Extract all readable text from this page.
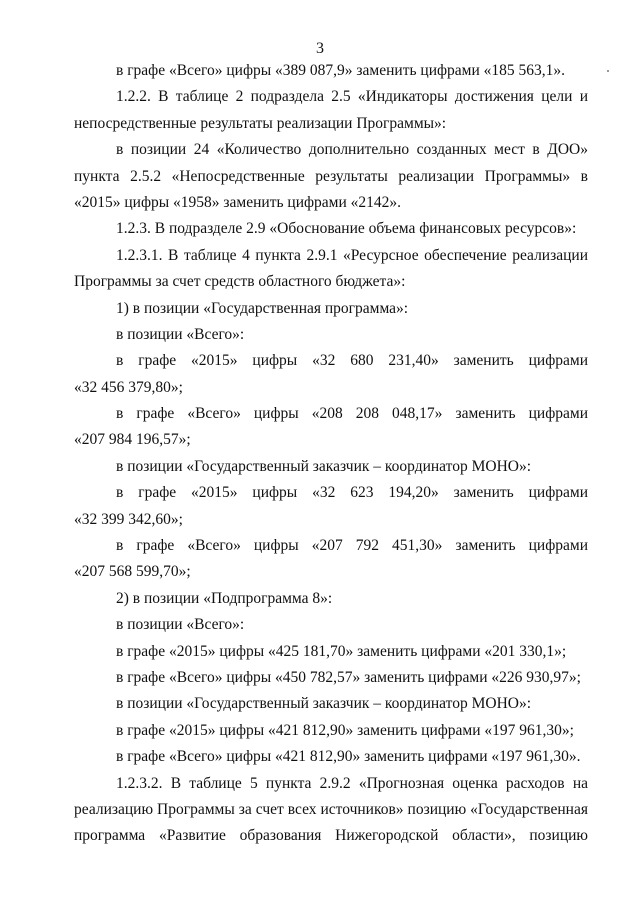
3
в графе «Всего» цифры «389 087,9» заменить цифрами «185 563,1».
1.2.2. В таблице 2 подраздела 2.5 «Индикаторы достижения цели и
непосредственные результаты реализации Программы»:
в позиции 24 «Количество дополнительно созданных мест в ДОО»
пункта 2.5.2 «Непосредственные результаты реализации Программы» в
«2015» цифры «1958» заменить цифрами «2142».
1.2.3. В подразделе 2.9 «Обоснование объема финансовых ресурсов»:
1.2.3.1. В таблице 4 пункта 2.9.1 «Ресурсное обеспечение реализации
Программы за счет средств областного бюджета»:
1) в позиции «Государственная программа»:
в позиции «Всего»:
в графе «2015» цифры «32 680 231,40» заменить цифрами
«32 456 379,80»;
в графе «Всего» цифры «208 208 048,17» заменить цифрами
«207 984 196,57»;
в позиции «Государственный заказчик – координатор МОНО»:
в графе «2015» цифры «32 623 194,20» заменить цифрами
«32 399 342,60»;
в графе «Всего» цифры «207 792 451,30» заменить цифрами
«207 568 599,70»;
2) в позиции «Подпрограмма 8»:
в позиции «Всего»:
в графе «2015» цифры «425 181,70» заменить цифрами «201 330,1»;
в графе «Всего» цифры «450 782,57» заменить цифрами «226 930,97»;
в позиции «Государственный заказчик – координатор МОНО»:
в графе «2015» цифры «421 812,90» заменить цифрами «197 961,30»;
в графе «Всего» цифры «421 812,90» заменить цифрами «197 961,30».
1.2.3.2. В таблице 5 пункта 2.9.2 «Прогнозная оценка расходов на
реализацию Программы за счет всех источников» позицию «Государственная
программа «Развитие образования Нижегородской области», позицию
